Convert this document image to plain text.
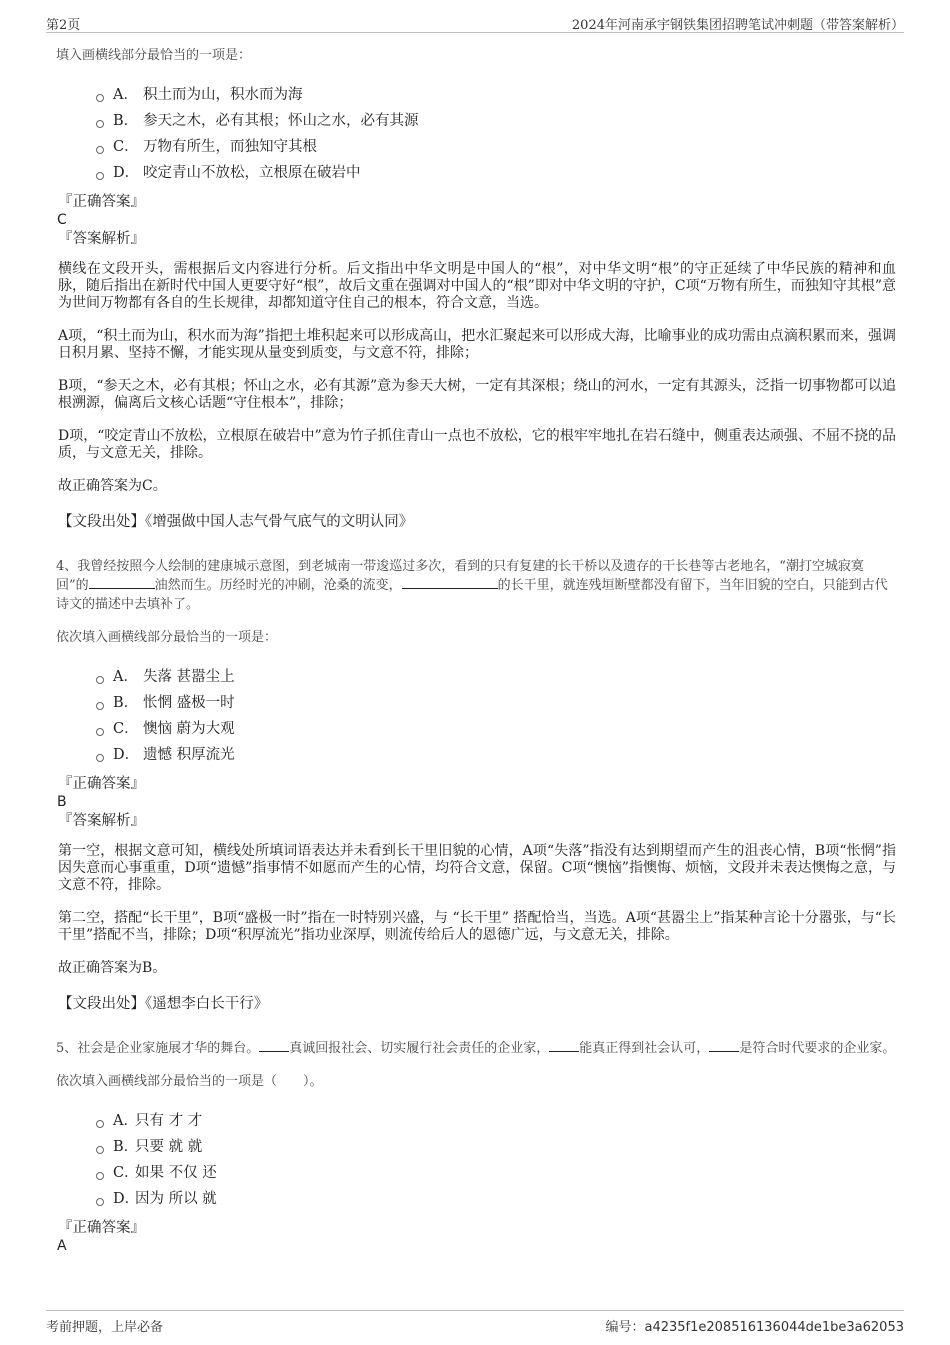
第2页	2024年河南承宇钢铁集团招聘笔试冲刺题（带答案解析）
填入画横线部分最恰当的一项是：
A． 积土而为山，积水而为海
B． 参天之木，必有其根；怀山之水，必有其源
C． 万物有所生，而独知守其根
D． 咬定青山不放松，立根原在破岩中
『正确答案』
C
『答案解析』
横线在文段开头，需根据后文内容进行分析。后文指出中华文明是中国人的“根”，对中华文明“根”的守正延续了中华民族的精神和血脉，随后指出在新时代中国人更要守好“根”，故后文重在强调对中国人的“根”即对中华文明的守护，C项“万物有所生，而独知守其根”意为世间万物都有各自的生长规律，却都知道守住自己的根本，符合文意，当选。
A项，“积土而为山，积水而为海”指把土堆积起来可以形成高山，把水汇聚起来可以形成大海，比喻事业的成功需由点滴积累而来，强调日积月累、坚持不懈，才能实现从量变到质变，与文意不符，排除；
B项，“参天之木，必有其根；怀山之水，必有其源”意为参天大树，一定有其深根；绕山的河水，一定有其源头，泛指一切事物都可以追根溯源，偏离后文核心话题“守住根本”，排除；
D项，“咬定青山不放松，立根原在破岩中”意为竹子抓住青山一点也不放松，它的根牢牢地扎在岩石缝中，侧重表达顽强、不屈不挠的品质，与文意无关，排除。
故正确答案为C。
【文段出处】《增强做中国人志气骨气底气的文明认同》
4、我曾经按照今人绘制的建康城示意图，到老城南一带逡巡过多次，看到的只有复建的长干桥以及遗存的干长巷等古老地名，“潮打空城寂寞回”的	油然而生。历经时光的冲刷，沧桑的流变，	的长干里，就连残垣断壁都没有留下，当年旧貌的空白，只能到古代诗文的描述中去填补了。
依次填入画横线部分最恰当的一项是：
A． 失落 甚嚣尘上
B． 怅惘 盛极一时
C． 懊恼 蔚为大观
D． 遗憾 积厚流光
『正确答案』
B
『答案解析』
第一空，根据文意可知，横线处所填词语表达并未看到长干里旧貌的心情，A项“失落”指没有达到期望而产生的沮丧心情，B项“怅惘”指因失意而心事重重，D项“遗憾”指事情不如愿而产生的心情，均符合文意，保留。C项“懊恼”指懊悔、烦恼，文段并未表达懊悔之意，与文意不符，排除。
第二空，搭配“长干里”，B项“盛极一时”指在一时特别兴盛，与 “长干里” 搭配恰当，当选。A项“甚嚣尘上”指某种言论十分嚣张，与“长干里”搭配不当，排除；D项“积厚流光”指功业深厚，则流传给后人的恩德广远，与文意无关，排除。
故正确答案为B。
【文段出处】《遥想李白长干行》
5、社会是企业家施展才华的舞台。 真诚回报社会、切实履行社会责任的企业家， 能真正得到社会认可， 是符合时代要求的企业家。
依次填入画横线部分最恰当的一项是（　　）。
A．
只有 才 才
B．
只要 就 就
C．
如果 不仅 还
D．
因为 所以 就
『正确答案』
A
考前押题，上岸必备	编号：a4235f1e208516136044de1be3a62053
